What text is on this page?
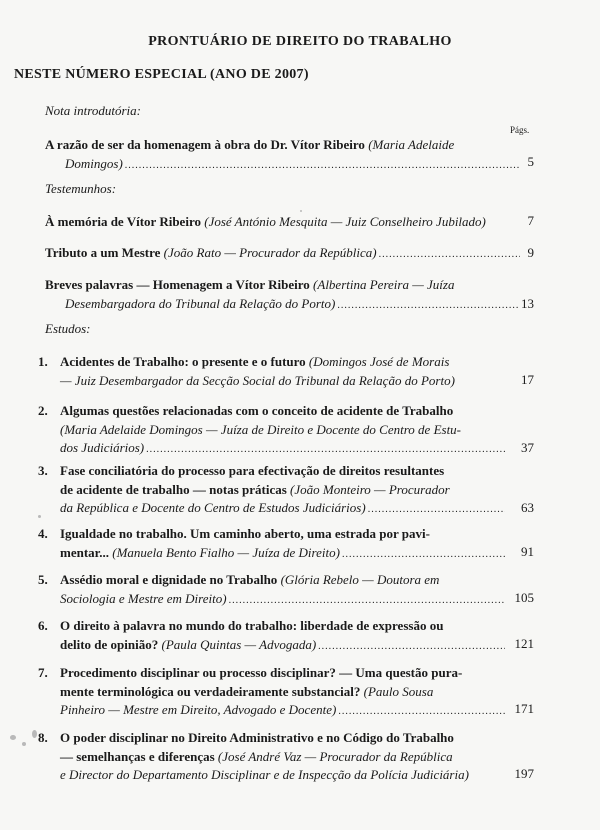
PRONTUÁRIO DE DIREITO DO TRABALHO
NESTE NÚMERO ESPECIAL (ANO DE 2007)
Nota introdutória:
Págs.
A razão de ser da homenagem à obra do Dr. Vítor Ribeiro
(Maria Adelaide
Domingos) .....	5
Testemunhos:
À memória de Vítor Ribeiro
(José António Mesquita — Juiz Conselheiro Jubilado)	7
Tributo a um Mestre
(João Rato — Procurador da República) .....	9
Breves palavras — Homenagem a Vítor Ribeiro
(Albertina Pereira — Juíza
Desembargadora do Tribunal da Relação do Porto) .....	13
Estudos:
1. Acidentes de Trabalho: o presente e o futuro
(Domingos José de Morais
— Juiz Desembargador da Secção Social do Tribunal da Relação do Porto)	17
2. Algumas questões relacionadas com o conceito de acidente de Trabalho
(Maria Adelaide Domingos — Juíza de Direito e Docente do Centro de Estu-
dos Judiciários) .....	37
3. Fase conciliatória do processo para efectivação de direitos resultantes
de acidente de trabalho — notas práticas
(João Monteiro — Procurador
da República e Docente do Centro de Estudos Judiciários) .....	63
4. Igualdade no trabalho. Um caminho aberto, uma estrada por pavi-
mentar...
(Manuela Bento Fialho — Juíza de Direito) .....	91
5. Assédio moral e dignidade no Trabalho
(Glória Rebelo — Doutora em
Sociologia e Mestre em Direito) .....	105
6. O direito à palavra no mundo do trabalho: liberdade de expressão ou
delito de opinião?
(Paula Quintas — Advogada) .....	121
7. Procedimento disciplinar ou processo disciplinar? — Uma questão pura-
mente terminológica ou verdadeiramente substancial?
(Paulo Sousa
Pinheiro — Mestre em Direito, Advogado e Docente) .....	171
8. O poder disciplinar no Direito Administrativo e no Código do Trabalho
— semelhanças e diferenças
(José André Vaz — Procurador da República
e Director do Departamento Disciplinar e de Inspecção da Polícia Judiciária)	197
